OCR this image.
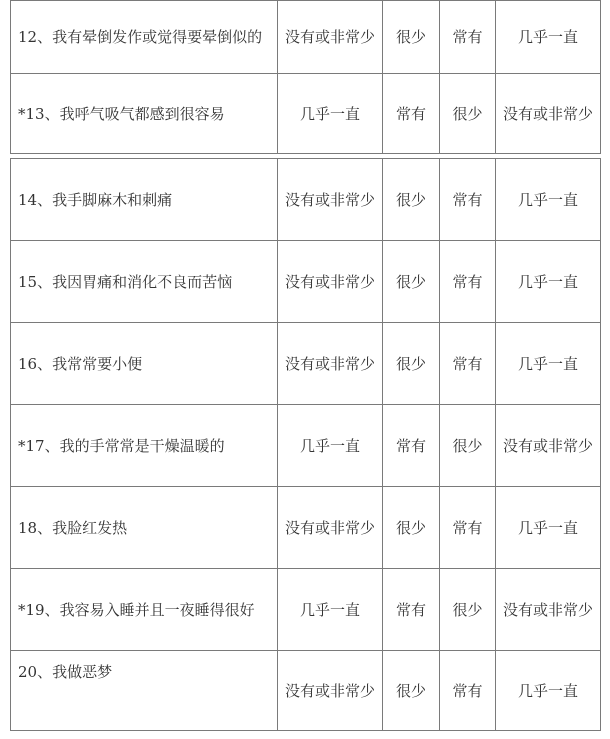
12、我有晕倒发作或觉得要晕倒似的	没有或非常少	很少	常有	几乎一直

*13、我呼气吸气都感到很容易	几乎一直	常有	很少	没有或非常少

14、我手脚麻木和刺痛	没有或非常少	很少	常有	几乎一直

15、我因胃痛和消化不良而苦恼	没有或非常少	很少	常有	几乎一直

16、我常常要小便	没有或非常少	很少	常有	几乎一直

*17、我的手常常是干燥温暖的	几乎一直	常有	很少	没有或非常少

18、我脸红发热	没有或非常少	很少	常有	几乎一直

*19、我容易入睡并且一夜睡得很好	几乎一直	常有	很少	没有或非常少

20、我做恶梦	没有或非常少	很少	常有	几乎一直
